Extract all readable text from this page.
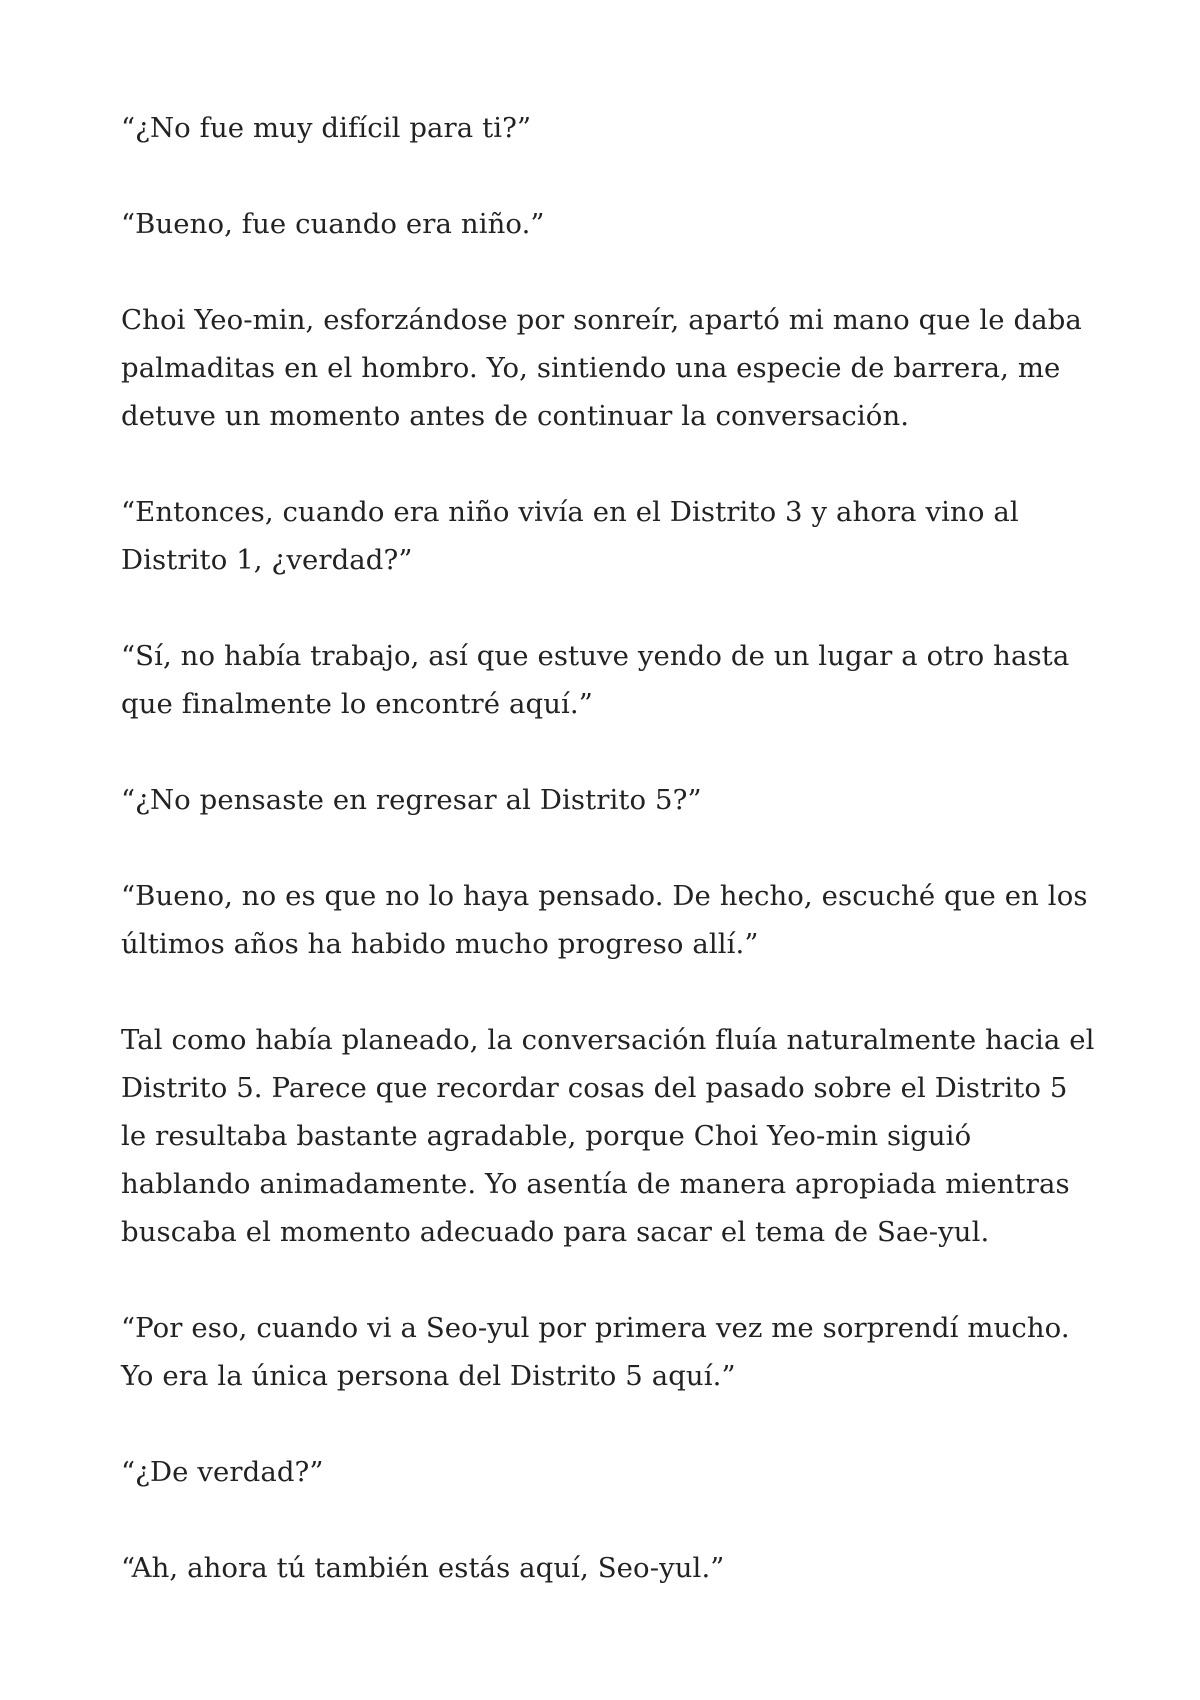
“¿No fue muy difícil para ti?”

“Bueno, fue cuando era niño.”

Choi Yeo-min, esforzándose por sonreír, apartó mi mano que le daba palmaditas en el hombro. Yo, sintiendo una especie de barrera, me detuve un momento antes de continuar la conversación.

“Entonces, cuando era niño vivía en el Distrito 3 y ahora vino al Distrito 1, ¿verdad?”

“Sí, no había trabajo, así que estuve yendo de un lugar a otro hasta que finalmente lo encontré aquí.”

“¿No pensaste en regresar al Distrito 5?”

“Bueno, no es que no lo haya pensado. De hecho, escuché que en los últimos años ha habido mucho progreso allí.”

Tal como había planeado, la conversación fluía naturalmente hacia el Distrito 5. Parece que recordar cosas del pasado sobre el Distrito 5 le resultaba bastante agradable, porque Choi Yeo-min siguió hablando animadamente. Yo asentía de manera apropiada mientras buscaba el momento adecuado para sacar el tema de Sae-yul.

“Por eso, cuando vi a Seo-yul por primera vez me sorprendí mucho. Yo era la única persona del Distrito 5 aquí.”

“¿De verdad?”

“Ah, ahora tú también estás aquí, Seo-yul.”
